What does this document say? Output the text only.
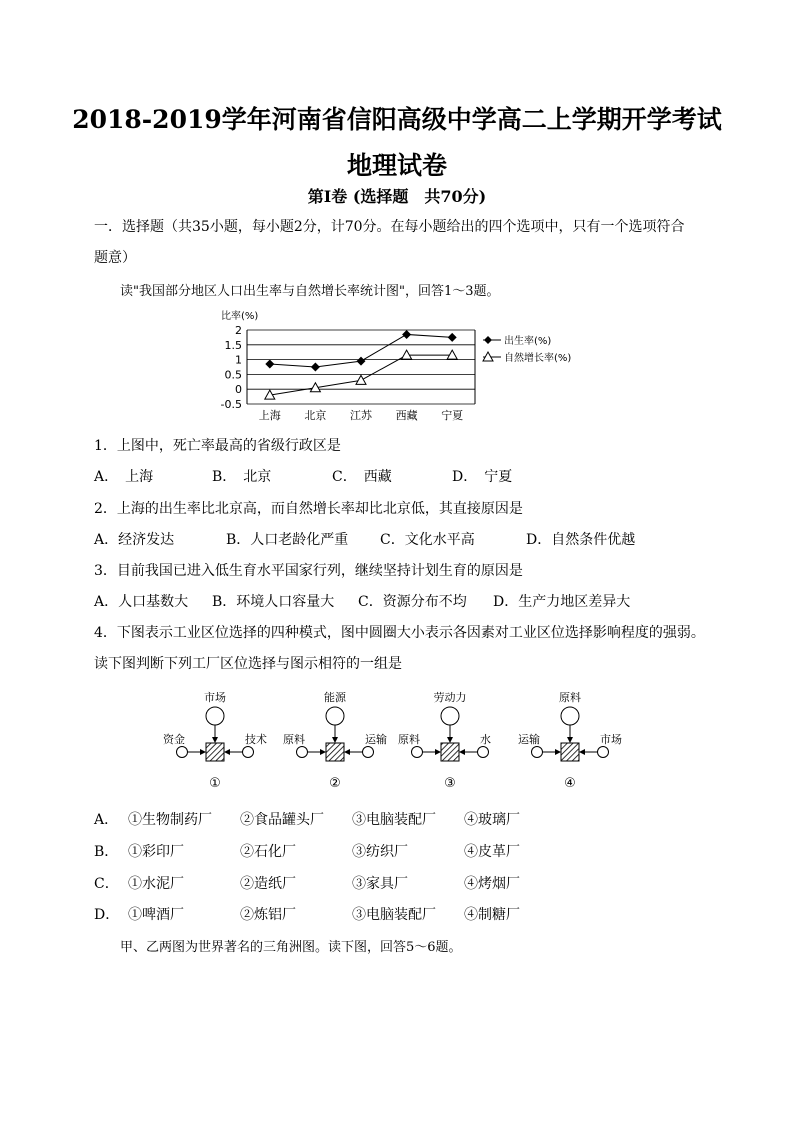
2018-2019学年河南省信阳高级中学高二上学期开学考试
地理试卷
第Ⅰ卷 (选择题　共70分)
一．选择题（共35小题，每小题2分，计70分。在每小题给出的四个选项中，只有一个选项符合
题意）
读"我国部分地区人口出生率与自然增长率统计图"，回答1～3题。
比率(%)
2
1.5
1
0.5
0
-0.5
上海 北京 江苏 西藏 宁夏
出生率(%)
自然增长率(%)
1．上图中，死亡率最高的省级行政区是
A．　上海	B．　北京	C．　西藏	D．　宁夏
2．上海的出生率比北京高，而自然增长率却比北京低，其直接原因是
A．经济发达	B．人口老龄化严重 C．文化水平高	D．自然条件优越
3．目前我国已进入低生育水平国家行列，继续坚持计划生育的原因是
A．人口基数大 B．环境人口容量大 C．资源分布不均 D．生产力地区差异大
4．下图表示工业区位选择的四种模式，图中圆圈大小表示各因素对工业区位选择影响程度的强弱。
读下图判断下列工厂区位选择与图示相符的一组是
市场
资金	技术
①
能源
原料	运输
②
劳动力
原料	水
③
原料
运输	市场
④
A． ①生物制药厂 ②食品罐头厂 ③电脑装配厂 ④玻璃厂
B． ①彩印厂	②石化厂	③纺织厂	④皮革厂
C． ①水泥厂	②造纸厂	③家具厂	④烤烟厂
D． ①啤酒厂	②炼铝厂	③电脑装配厂 ④制糖厂
甲、乙两图为世界著名的三角洲图。读下图，回答5～6题。
